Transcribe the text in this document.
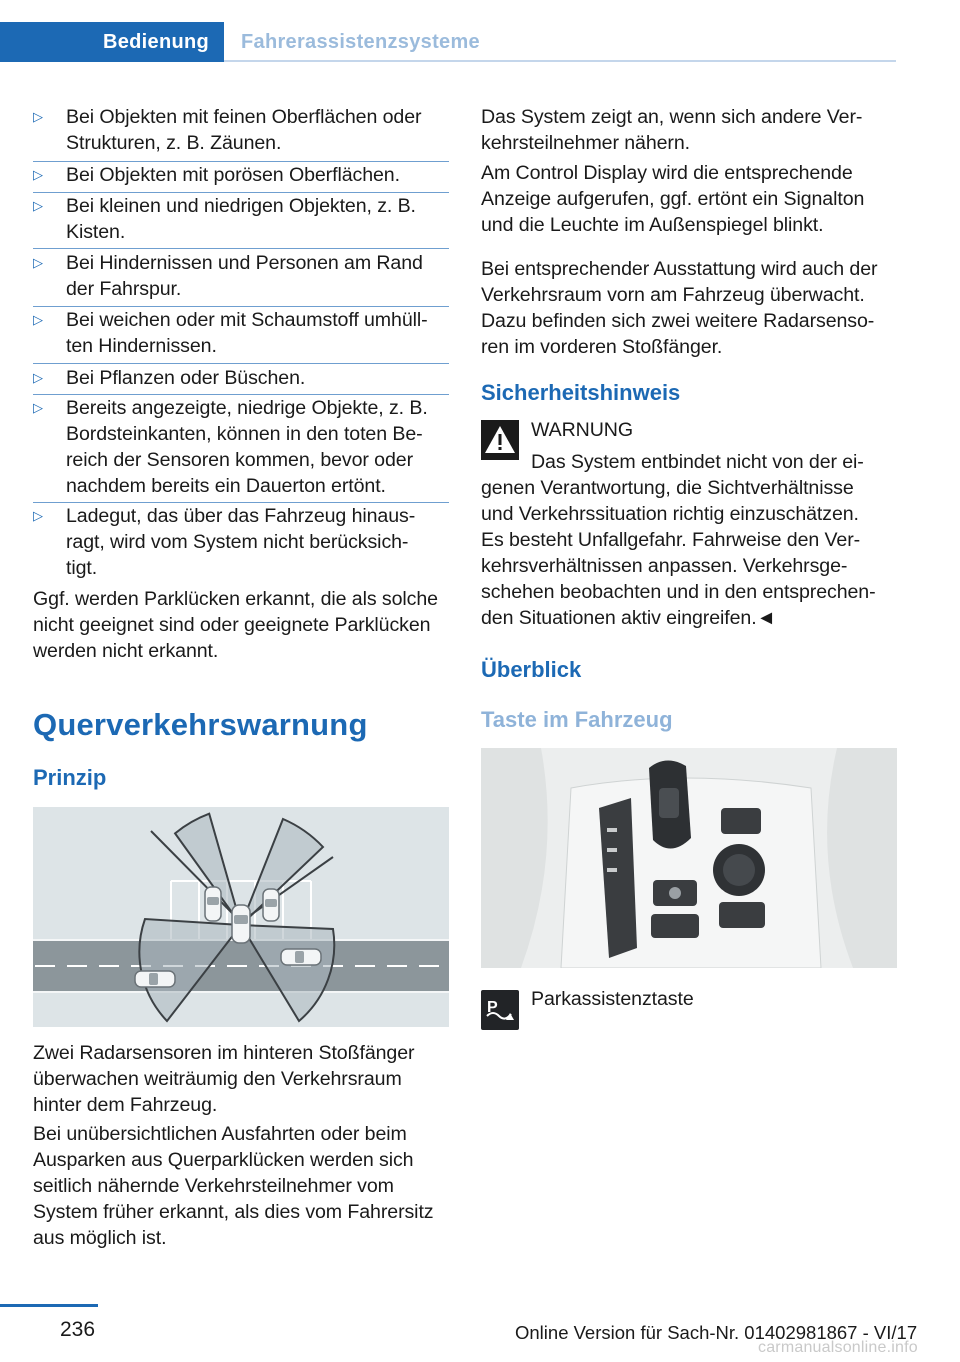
Bedienung	Fahrerassistenzsysteme
▷	Bei Objekten mit feinen Oberflächen oder
Strukturen, z. B. Zäunen.
▷	Bei Objekten mit porösen Oberflächen.
▷	Bei kleinen und niedrigen Objekten, z. B.
Kisten.
▷	Bei Hindernissen und Personen am Rand
der Fahrspur.
▷	Bei weichen oder mit Schaumstoff umhüll‐
ten Hindernissen.
▷	Bei Pflanzen oder Büschen.
▷	Bereits angezeigte, niedrige Objekte, z. B.
Bordsteinkanten, können in den toten Be‐
reich der Sensoren kommen, bevor oder
nachdem bereits ein Dauerton ertönt.
▷	Ladegut, das über das Fahrzeug hinaus‐
ragt, wird vom System nicht berücksich‐
tigt.
Ggf. werden Parklücken erkannt, die als solche
nicht geeignet sind oder geeignete Parklücken
werden nicht erkannt.
Querverkehrswarnung
Prinzip
Zwei Radarsensoren im hinteren Stoßfänger
überwachen weiträumig den Verkehrsraum
hinter dem Fahrzeug.
Bei unübersichtlichen Ausfahrten oder beim
Ausparken aus Querparklücken werden sich
seitlich nähernde Verkehrsteilnehmer vom
System früher erkannt, als dies vom Fahrersitz
aus möglich ist.
Das System zeigt an, wenn sich andere Ver‐
kehrsteilnehmer nähern.
Am Control Display wird die entsprechende
Anzeige aufgerufen, ggf. ertönt ein Signalton
und die Leuchte im Außenspiegel blinkt.
Bei entsprechender Ausstattung wird auch der
Verkehrsraum vorn am Fahrzeug überwacht.
Dazu befinden sich zwei weitere Radarsenso‐
ren im vorderen Stoßfänger.
Sicherheitshinweis
WARNUNG
Das System entbindet nicht von der ei‐
genen Verantwortung, die Sichtverhältnisse
und Verkehrssituation richtig einzuschätzen.
Es besteht Unfallgefahr. Fahrweise den Ver‐
kehrsverhältnissen anpassen. Verkehrsge‐
schehen beobachten und in den entsprechen‐
den Situationen aktiv eingreifen.◄
Überblick
Taste im Fahrzeug
P Parkassistenztaste
236	Online Version für Sach-Nr. 01402981867 - VI/17
carmanualsonline.info
